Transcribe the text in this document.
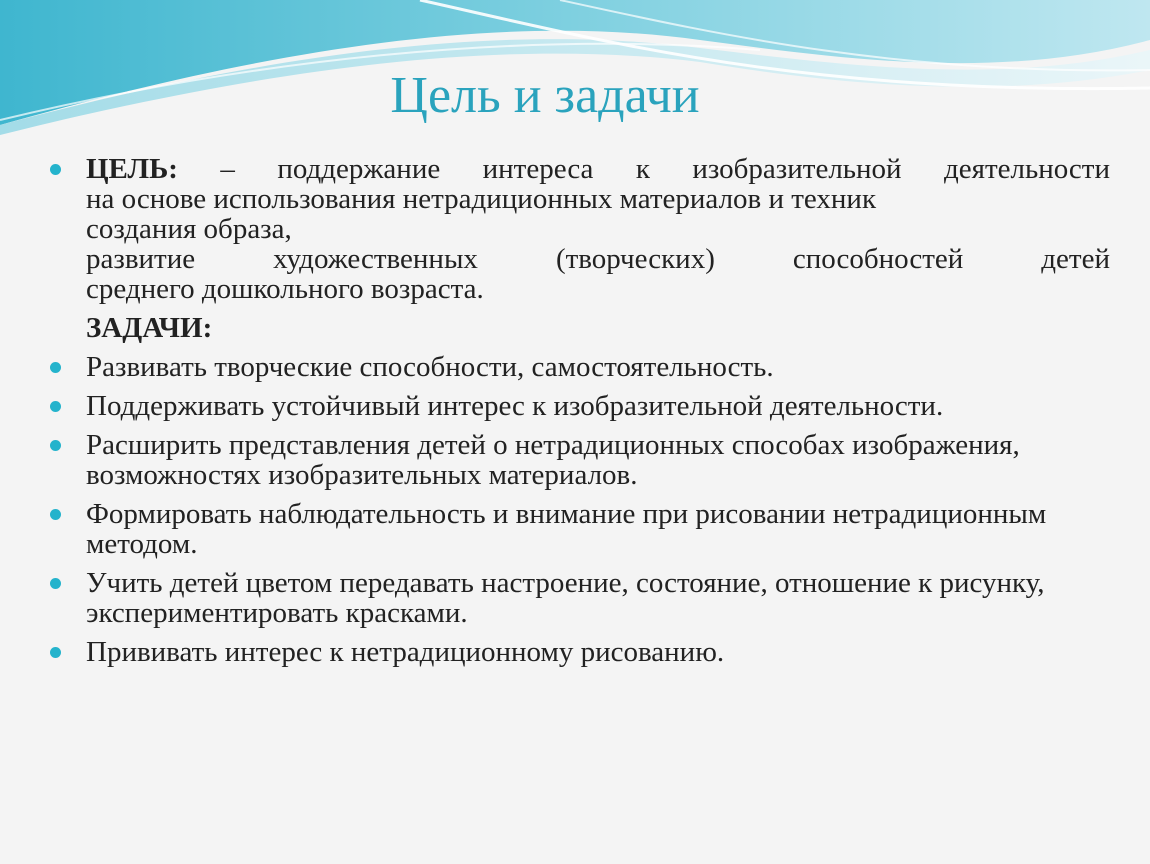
Цель и задачи
ЦЕЛЬ: – поддержание интереса к изобразительной деятельности
на основе использования нетрадиционных материалов и техник
создания образа,
развитие художественных (творческих) способностей детей
среднего дошкольного возраста.
ЗАДАЧИ:
Развивать творческие способности, самостоятельность.
Поддерживать устойчивый интерес к изобразительной деятельности.
Расширить представления детей о нетрадиционных способах изображения, возможностях изобразительных материалов.
Формировать наблюдательность и внимание при рисовании нетрадиционным методом.
Учить детей цветом передавать настроение, состояние, отношение к рисунку, экспериментировать красками.
Прививать интерес к нетрадиционному рисованию.
